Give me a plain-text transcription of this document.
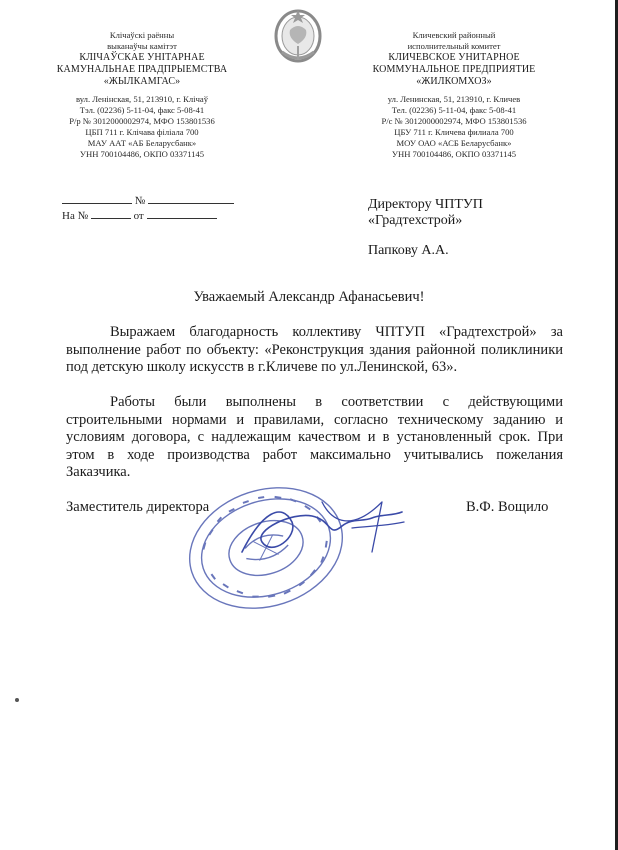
Клічаўскі раённы
выканаўчы камітэт
КЛІЧАЎСКАЕ УНІТАРНАЕ
КАМУНАЛЬНАЕ ПРАДПРЫЕМСТВА
«ЖЫЛКАМГАС»
вул. Ленінская, 51, 213910, г. Клічаў
Тэл. (02236) 5-11-04, факс 5-08-41
Р/р № 3012000002974, МФО 153801536
ЦБП 711 г. Клічава філіала 700
МАУ ААТ «АБ Беларусбанк»
УНН 700104486, ОКПО 03371145
Кличевский районный
исполнительный комитет
КЛИЧЕВСКОЕ УНИТАРНОЕ
КОММУНАЛЬНОЕ ПРЕДПРИЯТИЕ
«ЖИЛКОМХОЗ»
ул. Ленинская, 51, 213910, г. Кличев
Тел. (02236) 5-11-04, факс 5-08-41
Р/с № 3012000002974, МФО 153801536
ЦБУ 711 г. Кличева филиала 700
МОУ ОАО «АСБ Беларусбанк»
УНН 700104486, ОКПО 03371145
№
На №	от
Директору ЧПТУП
«Градтехстрой»
Папкову А.А.
Уважаемый Александр Афанасьевич!
Выражаем благодарность коллективу ЧПТУП «Градтехстрой» за выполнение работ по объекту: «Реконструкция здания районной поликлиники под детскую школу искусств в г.Кличеве по ул.Ленинской, 63».
Работы были выполнены в соответствии с действующими строительными нормами и правилами, согласно техническому заданию и условиям договора, с надлежащим качеством и в установленный срок. При этом в ходе производства работ максимально учитывались пожелания Заказчика.
Заместитель директора	В.Ф. Вощило
